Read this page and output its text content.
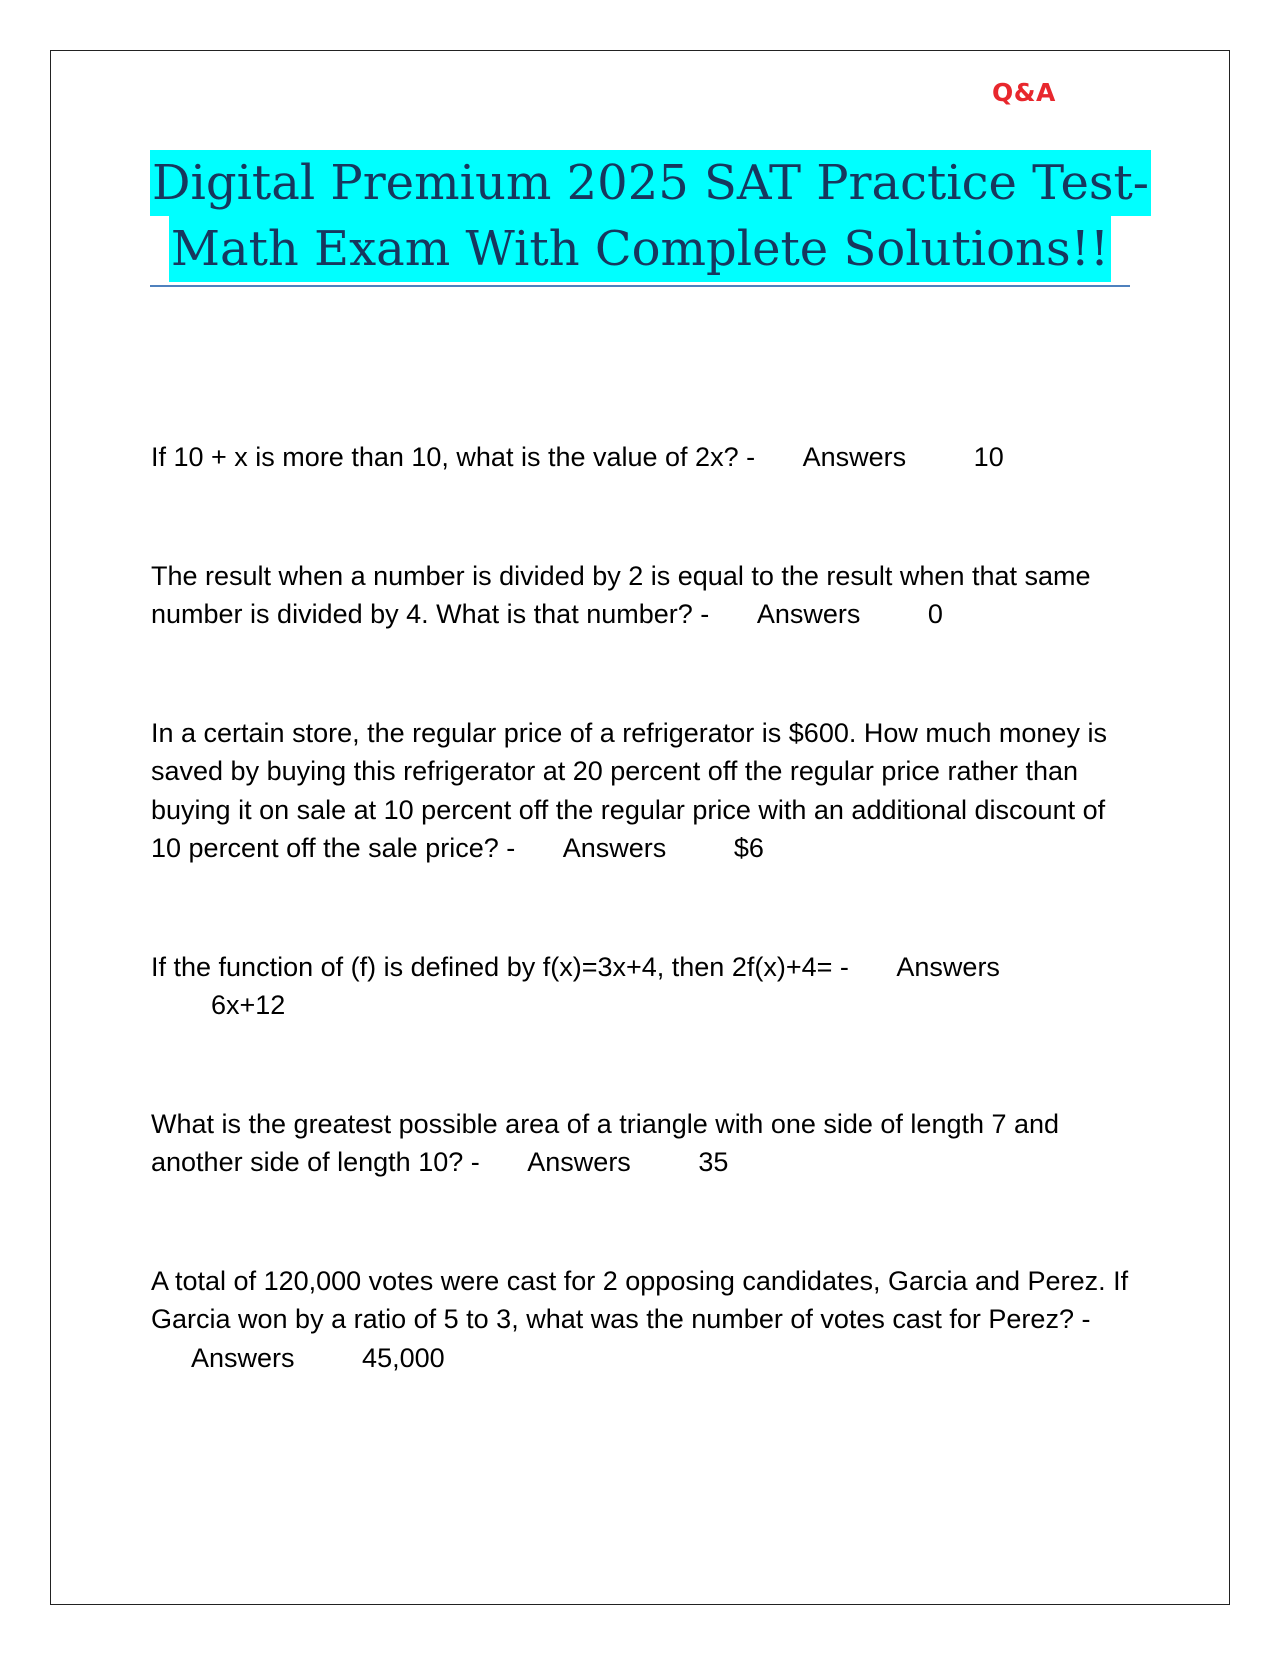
Q&A
Digital Premium 2025 SAT Practice Test-
Math Exam With Complete Solutions!!
If 10 + x is more than 10, what is the value of 2x? - Answers	10
The result when a number is divided by 2 is equal to the result when that same number is divided by 4. What is that number? - Answers	0
In a certain store, the regular price of a refrigerator is $600. How much money is saved by buying this refrigerator at 20 percent off the regular price rather than buying it on sale at 10 percent off the regular price with an additional discount of 10 percent off the sale price? - Answers	$6
If the function of (f) is defined by f(x)=3x+4, then 2f(x)+4= - Answers 6x+12
What is the greatest possible area of a triangle with one side of length 7 and another side of length 10? - Answers	35
A total of 120,000 votes were cast for 2 opposing candidates, Garcia and Perez. If Garcia won by a ratio of 5 to 3, what was the number of votes cast for Perez? - Answers	45,000
